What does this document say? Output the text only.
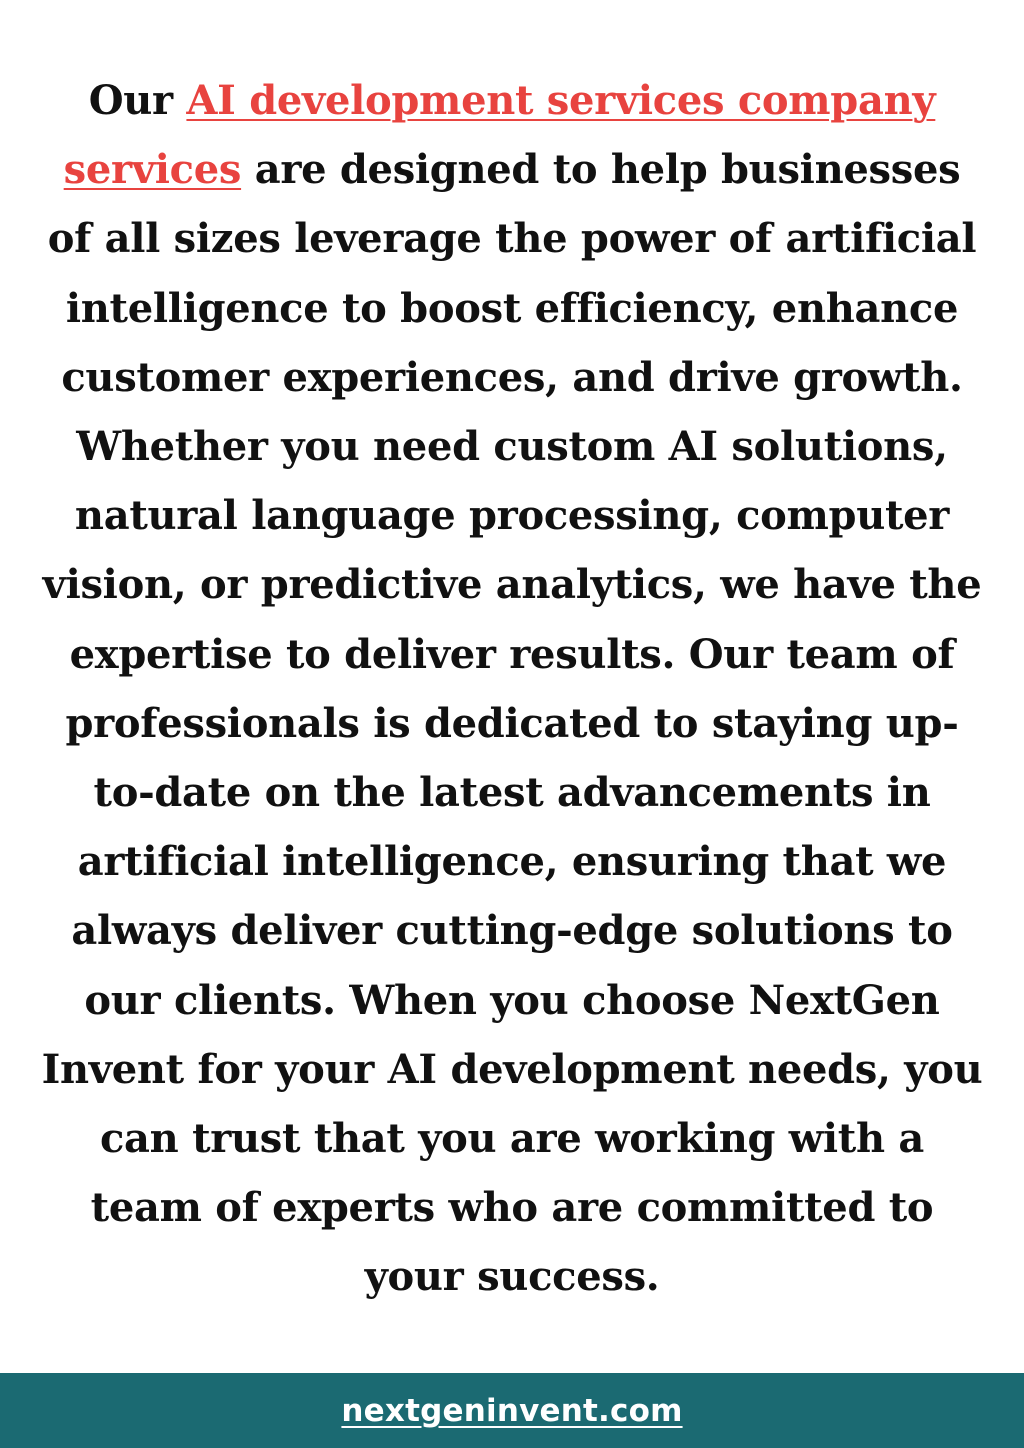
Our AI development services company services are designed to help businesses of all sizes leverage the power of artificial intelligence to boost efficiency, enhance customer experiences, and drive growth. Whether you need custom AI solutions, natural language processing, computer vision, or predictive analytics, we have the expertise to deliver results. Our team of professionals is dedicated to staying up-to-date on the latest advancements in artificial intelligence, ensuring that we always deliver cutting-edge solutions to our clients. When you choose NextGen Invent for your AI development needs, you can trust that you are working with a team of experts who are committed to your success.

nextgeninvent.com
